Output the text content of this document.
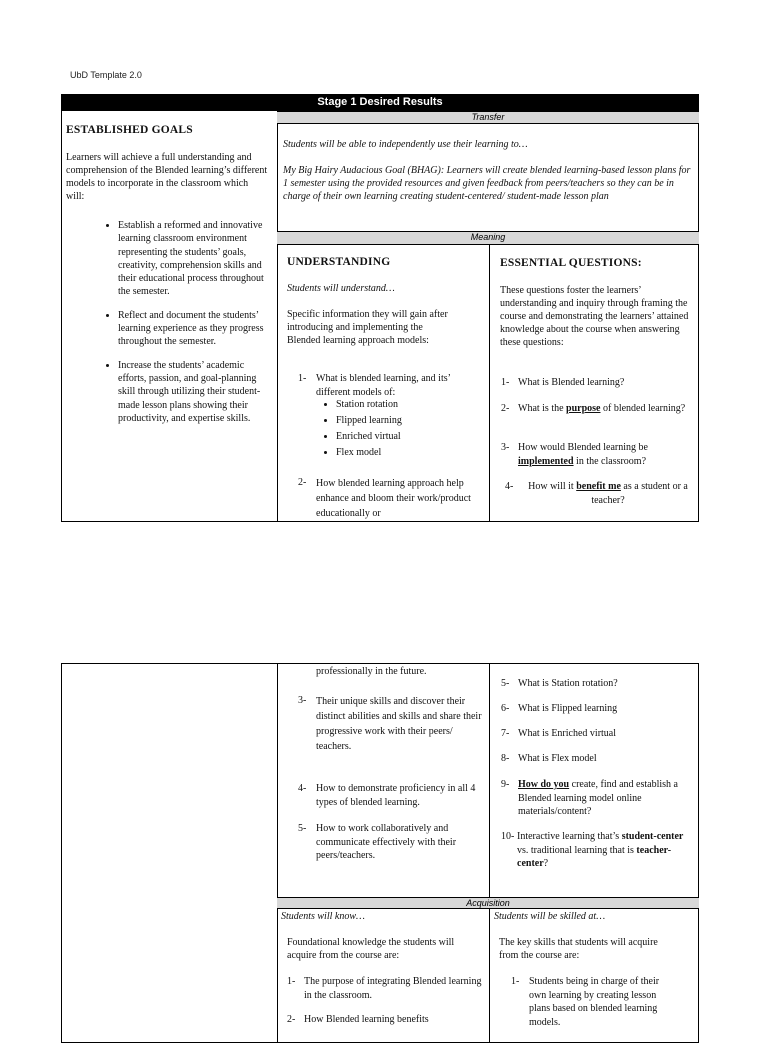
UbD Template 2.0
Stage 1 Desired Results
Transfer
Meaning
ESTABLISHED GOALS
Learners will achieve a full understanding and comprehension of the Blended learning’s different models to incorporate in the classroom which will:
• Establish a reformed and innovative learning classroom environment representing the students’ goals, creativity, comprehension skills and their educational process throughout the semester.
• Reflect and document the students’ learning experience as they progress throughout the semester.
• Increase the students’ academic efforts, passion, and goal-planning skill through utilizing their student-made lesson plans showing their productivity, and expertise skills.
Students will be able to independently use their learning to…
My Big Hairy Audacious Goal (BHAG): Learners will create blended learning-based lesson plans for 1 semester using the provided resources and given feedback from peers/teachers so they can be in charge of their own learning creating student-centered/ student-made lesson plan
UNDERSTANDING
Students will understand…
Specific information they will gain after introducing and implementing the Blended learning approach models:
1- What is blended learning, and its’ different models of:
• Station rotation
• Flipped learning
• Enriched virtual
• Flex model
2- How blended learning approach help enhance and bloom their work/product educationally or
ESSENTIAL QUESTIONS:
These questions foster the learners’ understanding and inquiry through framing the course and demonstrating the learners’ attained knowledge about the course when answering these questions:
1- What is Blended learning?
2- What is the purpose of blended learning?
3- How would Blended learning be implemented in the classroom?
4-	How will it benefit me as a student or a teacher?
Acquisition
professionally in the future.
3- Their unique skills and discover their distinct abilities and skills and share their progressive work with their peers/ teachers.
4- How to demonstrate proficiency in all 4 types of blended learning.
5- How to work collaboratively and communicate effectively with their peers/teachers.
5- What is Station rotation?
6- What is Flipped learning
7- What is Enriched virtual
8- What is Flex model
9- How do you create, find and establish a Blended learning model online materials/content?
10- Interactive learning that’s student-center vs. traditional learning that is teacher-center?
Students will know…
Foundational knowledge the students will acquire from the course are:
1- The purpose of integrating Blended learning in the classroom.
2- How Blended learning benefits
Students will be skilled at…
The key skills that students will acquire from the course are:
1- Students being in charge of their own learning by creating lesson plans based on blended learning models.
